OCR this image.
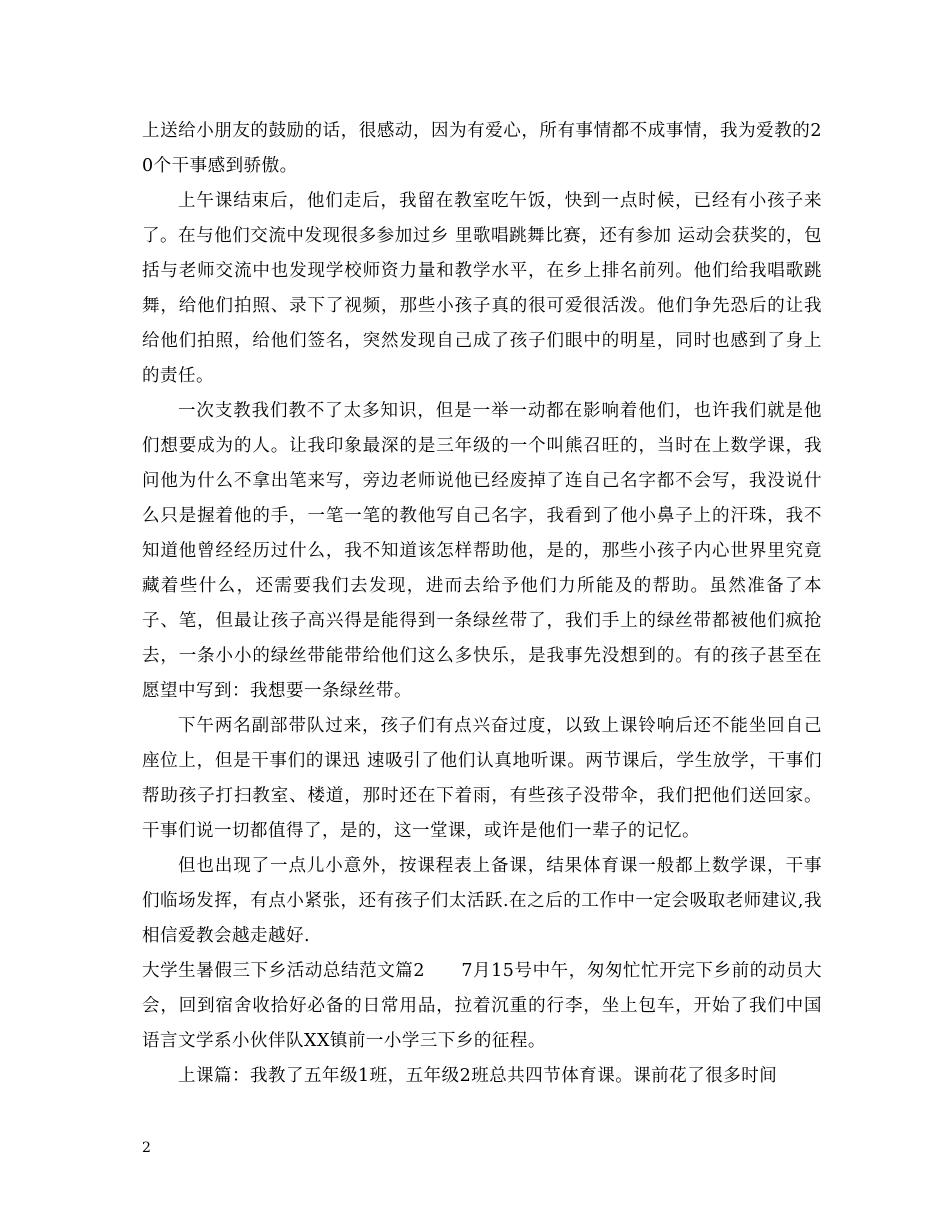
上送给小朋友的鼓励的话，很感动，因为有爱心，所有事情都不成事情，我为爱教的20个干事感到骄傲。

上午课结束后，他们走后，我留在教室吃午饭，快到一点时候，已经有小孩子来了。在与他们交流中发现很多参加过乡 里歌唱跳舞比赛，还有参加 运动会获奖的，包括与老师交流中也发现学校师资力量和教学水平，在乡上排名前列。他们给我唱歌跳舞，给他们拍照、录下了视频，那些小孩子真的很可爱很活泼。他们争先恐后的让我给他们拍照，给他们签名，突然发现自己成了孩子们眼中的明星，同时也感到了身上的责任。

一次支教我们教不了太多知识，但是一举一动都在影响着他们，也许我们就是他们想要成为的人。让我印象最深的是三年级的一个叫熊召旺的，当时在上数学课，我问他为什么不拿出笔来写，旁边老师说他已经废掉了连自己名字都不会写，我没说什么只是握着他的手，一笔一笔的教他写自己名字，我看到了他小鼻子上的汗珠，我不知道他曾经经历过什么，我不知道该怎样帮助他，是的，那些小孩子内心世界里究竟藏着些什么，还需要我们去发现，进而去给予他们力所能及的帮助。虽然准备了本子、笔，但最让孩子高兴得是能得到一条绿丝带了，我们手上的绿丝带都被他们疯抢去，一条小小的绿丝带能带给他们这么多快乐，是我事先没想到的。有的孩子甚至在愿望中写到：我想要一条绿丝带。

下午两名副部带队过来，孩子们有点兴奋过度，以致上课铃响后还不能坐回自己座位上，但是干事们的课迅 速吸引了他们认真地听课。两节课后，学生放学，干事们帮助孩子打扫教室、楼道，那时还在下着雨，有些孩子没带伞，我们把他们送回家。干事们说一切都值得了，是的，这一堂课，或许是他们一辈子的记忆。

但也出现了一点儿小意外，按课程表上备课，结果体育课一般都上数学课，干事们临场发挥，有点小紧张，还有孩子们太活跃.在之后的工作中一定会吸取老师建议,我相信爱教会越走越好.

大学生暑假三下乡活动总结范文篇2　　7月15号中午，匆匆忙忙开完下乡前的动员大会，回到宿舍收拾好必备的日常用品，拉着沉重的行李，坐上包车，开始了我们中国语言文学系小伙伴队XX镇前一小学三下乡的征程。

上课篇：我教了五年级1班，五年级2班总共四节体育课。课前花了很多时间

2
